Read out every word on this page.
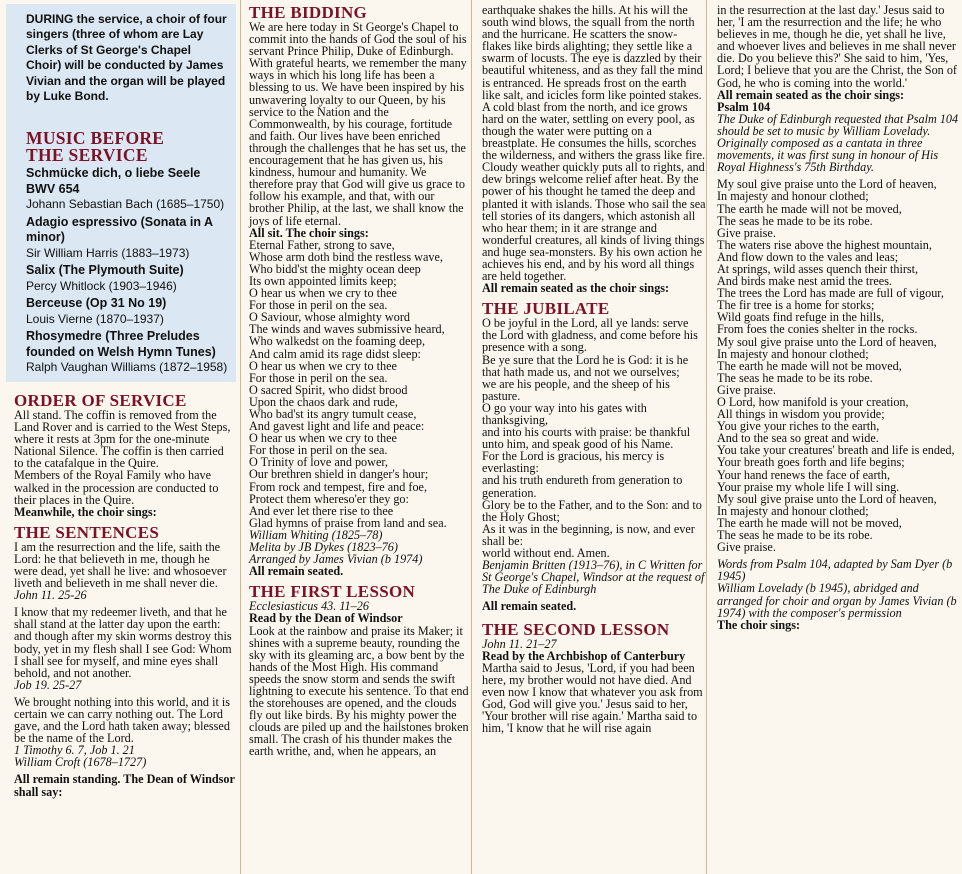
DURING the service, a choir of four singers (three of whom are Lay Clerks of St George's Chapel Choir) will be conducted by James Vivian and the organ will be played by Luke Bond.

MUSIC BEFORE
THE SERVICE
Schmücke dich, o liebe Seele BWV 654
Johann Sebastian Bach (1685–1750)
Adagio espressivo (Sonata in A minor)
Sir William Harris (1883–1973)
Salix (The Plymouth Suite)
Percy Whitlock (1903–1946)
Berceuse (Op 31 No 19)
Louis Vierne (1870–1937)
Rhosymedre (Three Preludes founded on Welsh Hymn Tunes)
Ralph Vaughan Williams (1872–1958)
ORDER OF SERVICE

All stand. The coffin is removed from the Land Rover and is carried to the West Steps, where it rests at 3pm for the one-minute National Silence. The coffin is then carried to the catafalque in the Quire.

Members of the Royal Family who have walked in the procession are conducted to their places in the Quire.

Meanwhile, the choir sings:

THE SENTENCES

I am the resurrection and the life, saith the Lord: he that believeth in me, though he were dead, yet shall he live: and whosoever liveth and believeth in me shall never die.

John 11. 25-26

I know that my redeemer liveth, and that he shall stand at the latter day upon the earth: and though after my skin worms destroy this body, yet in my flesh shall I see God: Whom I shall see for myself, and mine eyes shall behold, and not another.

Job 19. 25-27

We brought nothing into this world, and it is certain we can carry nothing out. The Lord gave, and the Lord hath taken away; blessed be the name of the Lord.

1 Timothy 6. 7, Job 1. 21

William Croft (1678–1727)

All remain standing. The Dean of Windsor shall say:

THE BIDDING

We are here today in St George's Chapel to commit into the hands of God the soul of his servant Prince Philip, Duke of Edinburgh. With grateful hearts, we remember the many ways in which his long life has been a blessing to us. We have been inspired by his unwavering loyalty to our Queen, by his service to the Nation and the Commonwealth, by his courage, fortitude and faith. Our lives have been enriched through the challenges that he has set us, the encouragement that he has given us, his kindness, humour and humanity. We therefore pray that God will give us grace to follow his example, and that, with our brother Philip, at the last, we shall know the joys of life eternal.

All sit. The choir sings:

Eternal Father, strong to save,

Whose arm doth bind the restless wave,

Who bidd'st the mighty ocean deep

Its own appointed limits keep;

O hear us when we cry to thee

For those in peril on the sea.

O Saviour, whose almighty word

The winds and waves submissive heard,

Who walkedst on the foaming deep,

And calm amid its rage didst sleep:

O hear us when we cry to thee

For those in peril on the sea.

O sacred Spirit, who didst brood

Upon the chaos dark and rude,

Who bad'st its angry tumult cease,

And gavest light and life and peace:

O hear us when we cry to thee

For those in peril on the sea.

O Trinity of love and power,

Our brethren shield in danger's hour;

From rock and tempest, fire and foe,

Protect them whereso'er they go:

And ever let there rise to thee

Glad hymns of praise from land and sea.

William Whiting (1825–78)

Melita by JB Dykes (1823–76)

Arranged by James Vivian (b 1974)

All remain seated.

THE FIRST LESSON

Ecclesiasticus 43. 11–26

Read by the Dean of Windsor

Look at the rainbow and praise its Maker; it shines with a supreme beauty, rounding the sky with its gleaming arc, a bow bent by the hands of the Most High. His command speeds the snow storm and sends the swift lightning to execute his sentence. To that end the storehouses are opened, and the clouds fly out like birds. By his mighty power the clouds are piled up and the hailstones broken small. The crash of his thunder makes the earth writhe, and, when he appears, an

earthquake shakes the hills. At his will the south wind blows, the squall from the north and the hurricane. He scatters the snow-flakes like birds alighting; they settle like a swarm of locusts. The eye is dazzled by their beautiful whiteness, and as they fall the mind is entranced. He spreads frost on the earth like salt, and icicles form like pointed stakes. A cold blast from the north, and ice grows hard on the water, settling on every pool, as though the water were putting on a breastplate. He consumes the hills, scorches the wilderness, and withers the grass like fire. Cloudy weather quickly puts all to rights, and dew brings welcome relief after heat. By the power of his thought he tamed the deep and planted it with islands. Those who sail the sea tell stories of its dangers, which astonish all who hear them; in it are strange and wonderful creatures, all kinds of living things and huge sea-monsters. By his own action he achieves his end, and by his word all things are held together.

All remain seated as the choir sings:

THE JUBILATE

O be joyful in the Lord, all ye lands: serve the Lord with gladness, and come before his presence with a song.

Be ye sure that the Lord he is God: it is he that hath made us, and not we ourselves;

we are his people, and the sheep of his pasture.

O go your way into his gates with thanksgiving,

and into his courts with praise: be thankful unto him, and speak good of his Name.

For the Lord is gracious, his mercy is everlasting:

and his truth endureth from generation to generation.

Glory be to the Father, and to the Son: and to the Holy Ghost;

As it was in the beginning, is now, and ever shall be:

world without end. Amen.

Benjamin Britten (1913–76), in C Written for St George's Chapel, Windsor at the request of The Duke of Edinburgh

All remain seated.

THE SECOND LESSON

John 11. 21–27

Read by the Archbishop of Canterbury

Martha said to Jesus, 'Lord, if you had been here, my brother would not have died. And even now I know that whatever you ask from God, God will give you.' Jesus said to her, 'Your brother will rise again.' Martha said to him, 'I know that he will rise again

in the resurrection at the last day.' Jesus said to her, 'I am the resurrection and the life; he who believes in me, though he die, yet shall he live, and whoever lives and believes in me shall never die. Do you believe this?' She said to him, 'Yes, Lord; I believe that you are the Christ, the Son of God, he who is coming into the world.'

All remain seated as the choir sings:

Psalm 104

The Duke of Edinburgh requested that Psalm 104 should be set to music by William Lovelady.

Originally composed as a cantata in three movements, it was first sung in honour of His Royal Highness's 75th Birthday.

My soul give praise unto the Lord of heaven,

In majesty and honour clothed;

The earth he made will not be moved,

The seas he made to be its robe.

Give praise.

The waters rise above the highest mountain,

And flow down to the vales and leas;

At springs, wild asses quench their thirst,

And birds make nest amid the trees.

The trees the Lord has made are full of vigour,

The fir tree is a home for storks;

Wild goats find refuge in the hills,

From foes the conies shelter in the rocks.

My soul give praise unto the Lord of heaven,

In majesty and honour clothed;

The earth he made will not be moved,

The seas he made to be its robe.

Give praise.

O Lord, how manifold is your creation,

All things in wisdom you provide;

You give your riches to the earth,

And to the sea so great and wide.

You take your creatures' breath and life is ended,

Your breath goes forth and life begins;

Your hand renews the face of earth,

Your praise my whole life I will sing.

My soul give praise unto the Lord of heaven,

In majesty and honour clothed;

The earth he made will not be moved,

The seas he made to be its robe.

Give praise.

Words from Psalm 104, adapted by Sam Dyer (b 1945)

William Lovelady (b 1945), abridged and arranged for choir and organ by James Vivian (b 1974) with the composer's permission

The choir sings:
